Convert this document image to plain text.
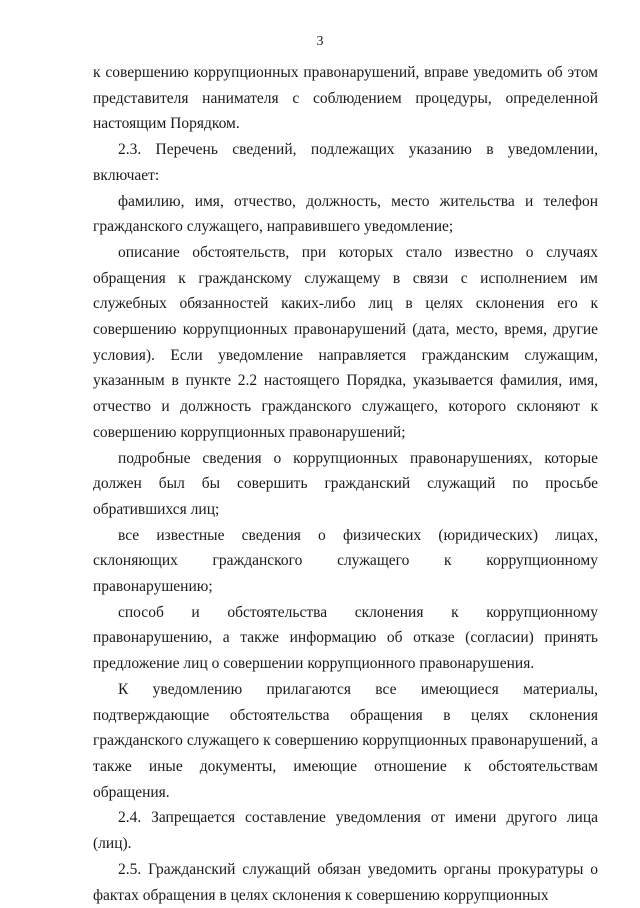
3

к совершению коррупционных правонарушений, вправе уведомить об этом представителя нанимателя с соблюдением процедуры, определенной настоящим Порядком.

2.3. Перечень сведений, подлежащих указанию в уведомлении, включает:

фамилию, имя, отчество, должность, место жительства и телефон гражданского служащего, направившего уведомление;

описание обстоятельств, при которых стало известно о случаях обращения к гражданскому служащему в связи с исполнением им служебных обязанностей каких-либо лиц в целях склонения его к совершению коррупционных правонарушений (дата, место, время, другие условия). Если уведомление направляется гражданским служащим, указанным в пункте 2.2 настоящего Порядка, указывается фамилия, имя, отчество и должность гражданского служащего, которого склоняют к совершению коррупционных правонарушений;

подробные сведения о коррупционных правонарушениях, которые должен был бы совершить гражданский служащий по просьбе обратившихся лиц;

все известные сведения о физических (юридических) лицах, склоняющих гражданского служащего к коррупционному правонарушению;

способ и обстоятельства склонения к коррупционному правонарушению, а также информацию об отказе (согласии) принять предложение лиц о совершении коррупционного правонарушения.

К уведомлению прилагаются все имеющиеся материалы, подтверждающие обстоятельства обращения в целях склонения гражданского служащего к совершению коррупционных правонарушений, а также иные документы, имеющие отношение к обстоятельствам обращения.

2.4. Запрещается составление уведомления от имени другого лица (лиц).

2.5. Гражданский служащий обязан уведомить органы прокуратуры о фактах обращения в целях склонения к совершению коррупционных
